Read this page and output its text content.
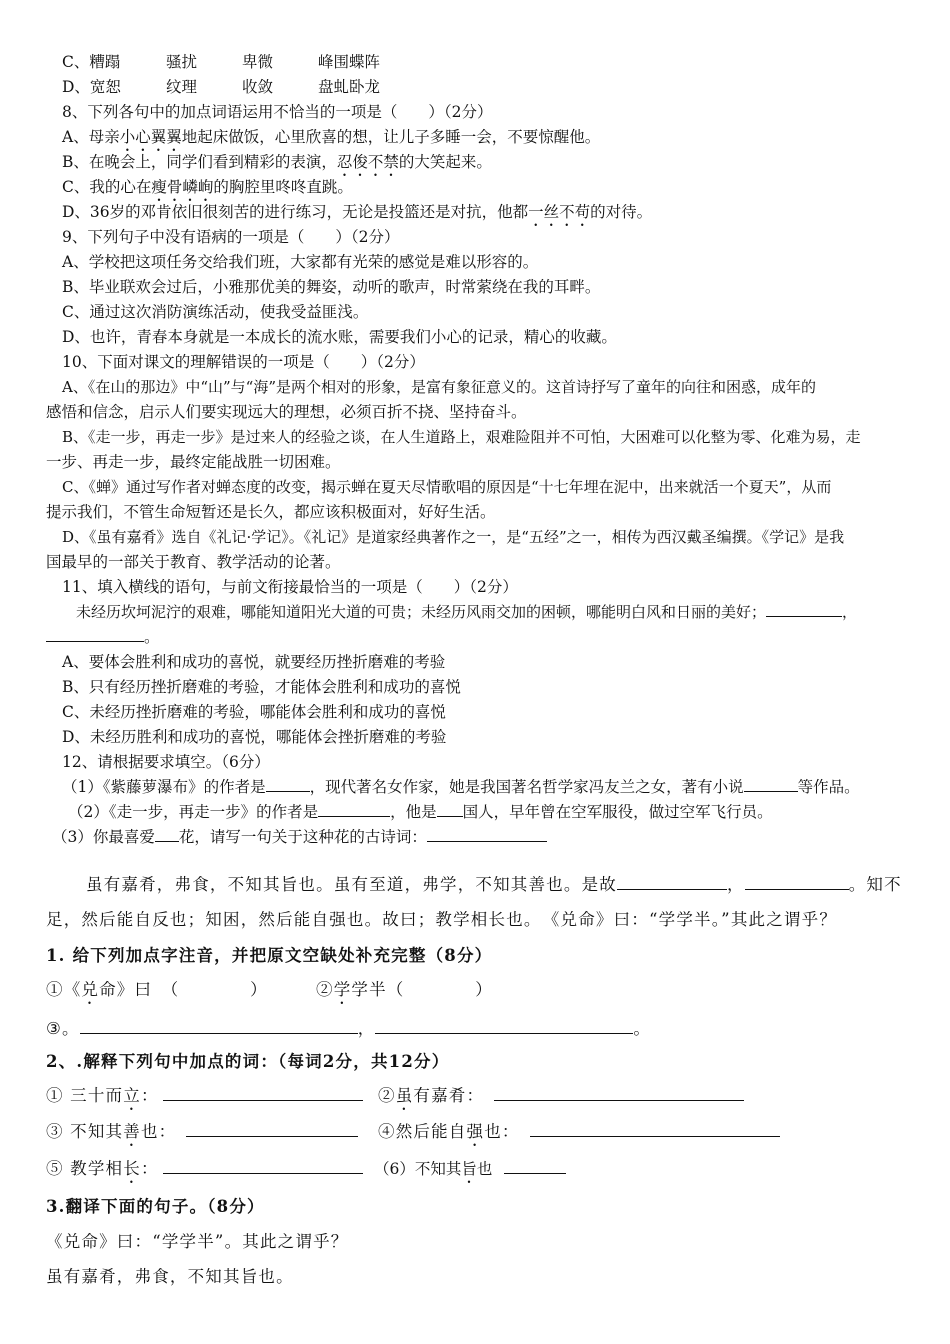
C、糟蹋	骚扰	卑微	峰围蝶阵
D、宽恕	纹理	收敛	盘虬卧龙
8、下列各句中的加点词语运用不恰当的一项是（　　）（2分）
A、母亲小心翼翼地起床做饭，心里欣喜的想，让儿子多睡一会，不要惊醒他。
B、在晚会上，同学们看到精彩的表演，忍俊不禁的大笑起来。
C、我的心在瘦骨嶙峋的胸腔里咚咚直跳。
D、36岁的邓肯依旧很刻苦的进行练习，无论是投篮还是对抗，他都一丝不苟的对待。
9、下列句子中没有语病的一项是（　　）（2分）
A、学校把这项任务交给我们班，大家都有光荣的感觉是难以形容的。
B、毕业联欢会过后，小雅那优美的舞姿，动听的歌声，时常萦绕在我的耳畔。
C、通过这次消防演练活动，使我受益匪浅。
D、也许，青春本身就是一本成长的流水账，需要我们小心的记录，精心的收藏。
10、下面对课文的理解错误的一项是（　　）（2分）
A、《在山的那边》中“山”与“海”是两个相对的形象，是富有象征意义的。这首诗抒写了童年的向往和困惑，成年的
感悟和信念，启示人们要实现远大的理想，必须百折不挠、坚持奋斗。
B、《走一步，再走一步》是过来人的经验之谈，在人生道路上，艰难险阻并不可怕，大困难可以化整为零、化难为易，走
一步、再走一步，最终定能战胜一切困难。
C、《蝉》通过写作者对蝉态度的改变，揭示蝉在夏天尽情歌唱的原因是“十七年埋在泥中，出来就活一个夏天”，从而
提示我们，不管生命短暂还是长久，都应该积极面对，好好生活。
D、《虽有嘉肴》选自《礼记·学记》。《礼记》是道家经典著作之一，是“五经”之一，相传为西汉戴圣编撰。《学记》是我
国最早的一部关于教育、教学活动的论著。
11、填入横线的语句，与前文衔接最恰当的一项是（　　）（2分）
未经历坎坷泥泞的艰难，哪能知道阳光大道的可贵；未经历风雨交加的困顿，哪能明白风和日丽的美好；	，
。
A、要体会胜利和成功的喜悦，就要经历挫折磨难的考验
B、只有经历挫折磨难的考验，才能体会胜利和成功的喜悦
C、未经历挫折磨难的考验，哪能体会胜利和成功的喜悦
D、未经历胜利和成功的喜悦，哪能体会挫折磨难的考验
12、请根据要求填空。（6分）
（1）《紫藤萝瀑布》的作者是	，现代著名女作家，她是我国著名哲学家冯友兰之女，著有小说	等作品。
（2）《走一步，再走一步》的作者是	，他是 国人，早年曾在空军服役，做过空军飞行员。
（3）你最喜爱 花，请写一句关于这种花的古诗词：
虽有嘉肴，弗食，不知其旨也。虽有至道，弗学，不知其善也。是故	，	。知不
足，然后能自反也；知困，然后能自强也。故曰；教学相长也。　《兑命》曰：“学学半。”其此之谓乎？
1. 给下列加点字注音，并把原文空缺处补充完整（8分）
①《兑命》曰　（　　　　）	②学学半（　　　　）
③。	，	。
2、.解释下列句中加点的词：（每词2分，共12分）
① 三十而立：	②虽有嘉肴：
③ 不知其善也：	④然后能自强也：
⑤ 教学相长：	（6）不知其旨也
3.翻译下面的句子。（8分）
《兑命》曰：“学学半”。其此之谓乎？
虽有嘉肴，弗食，不知其旨也。
